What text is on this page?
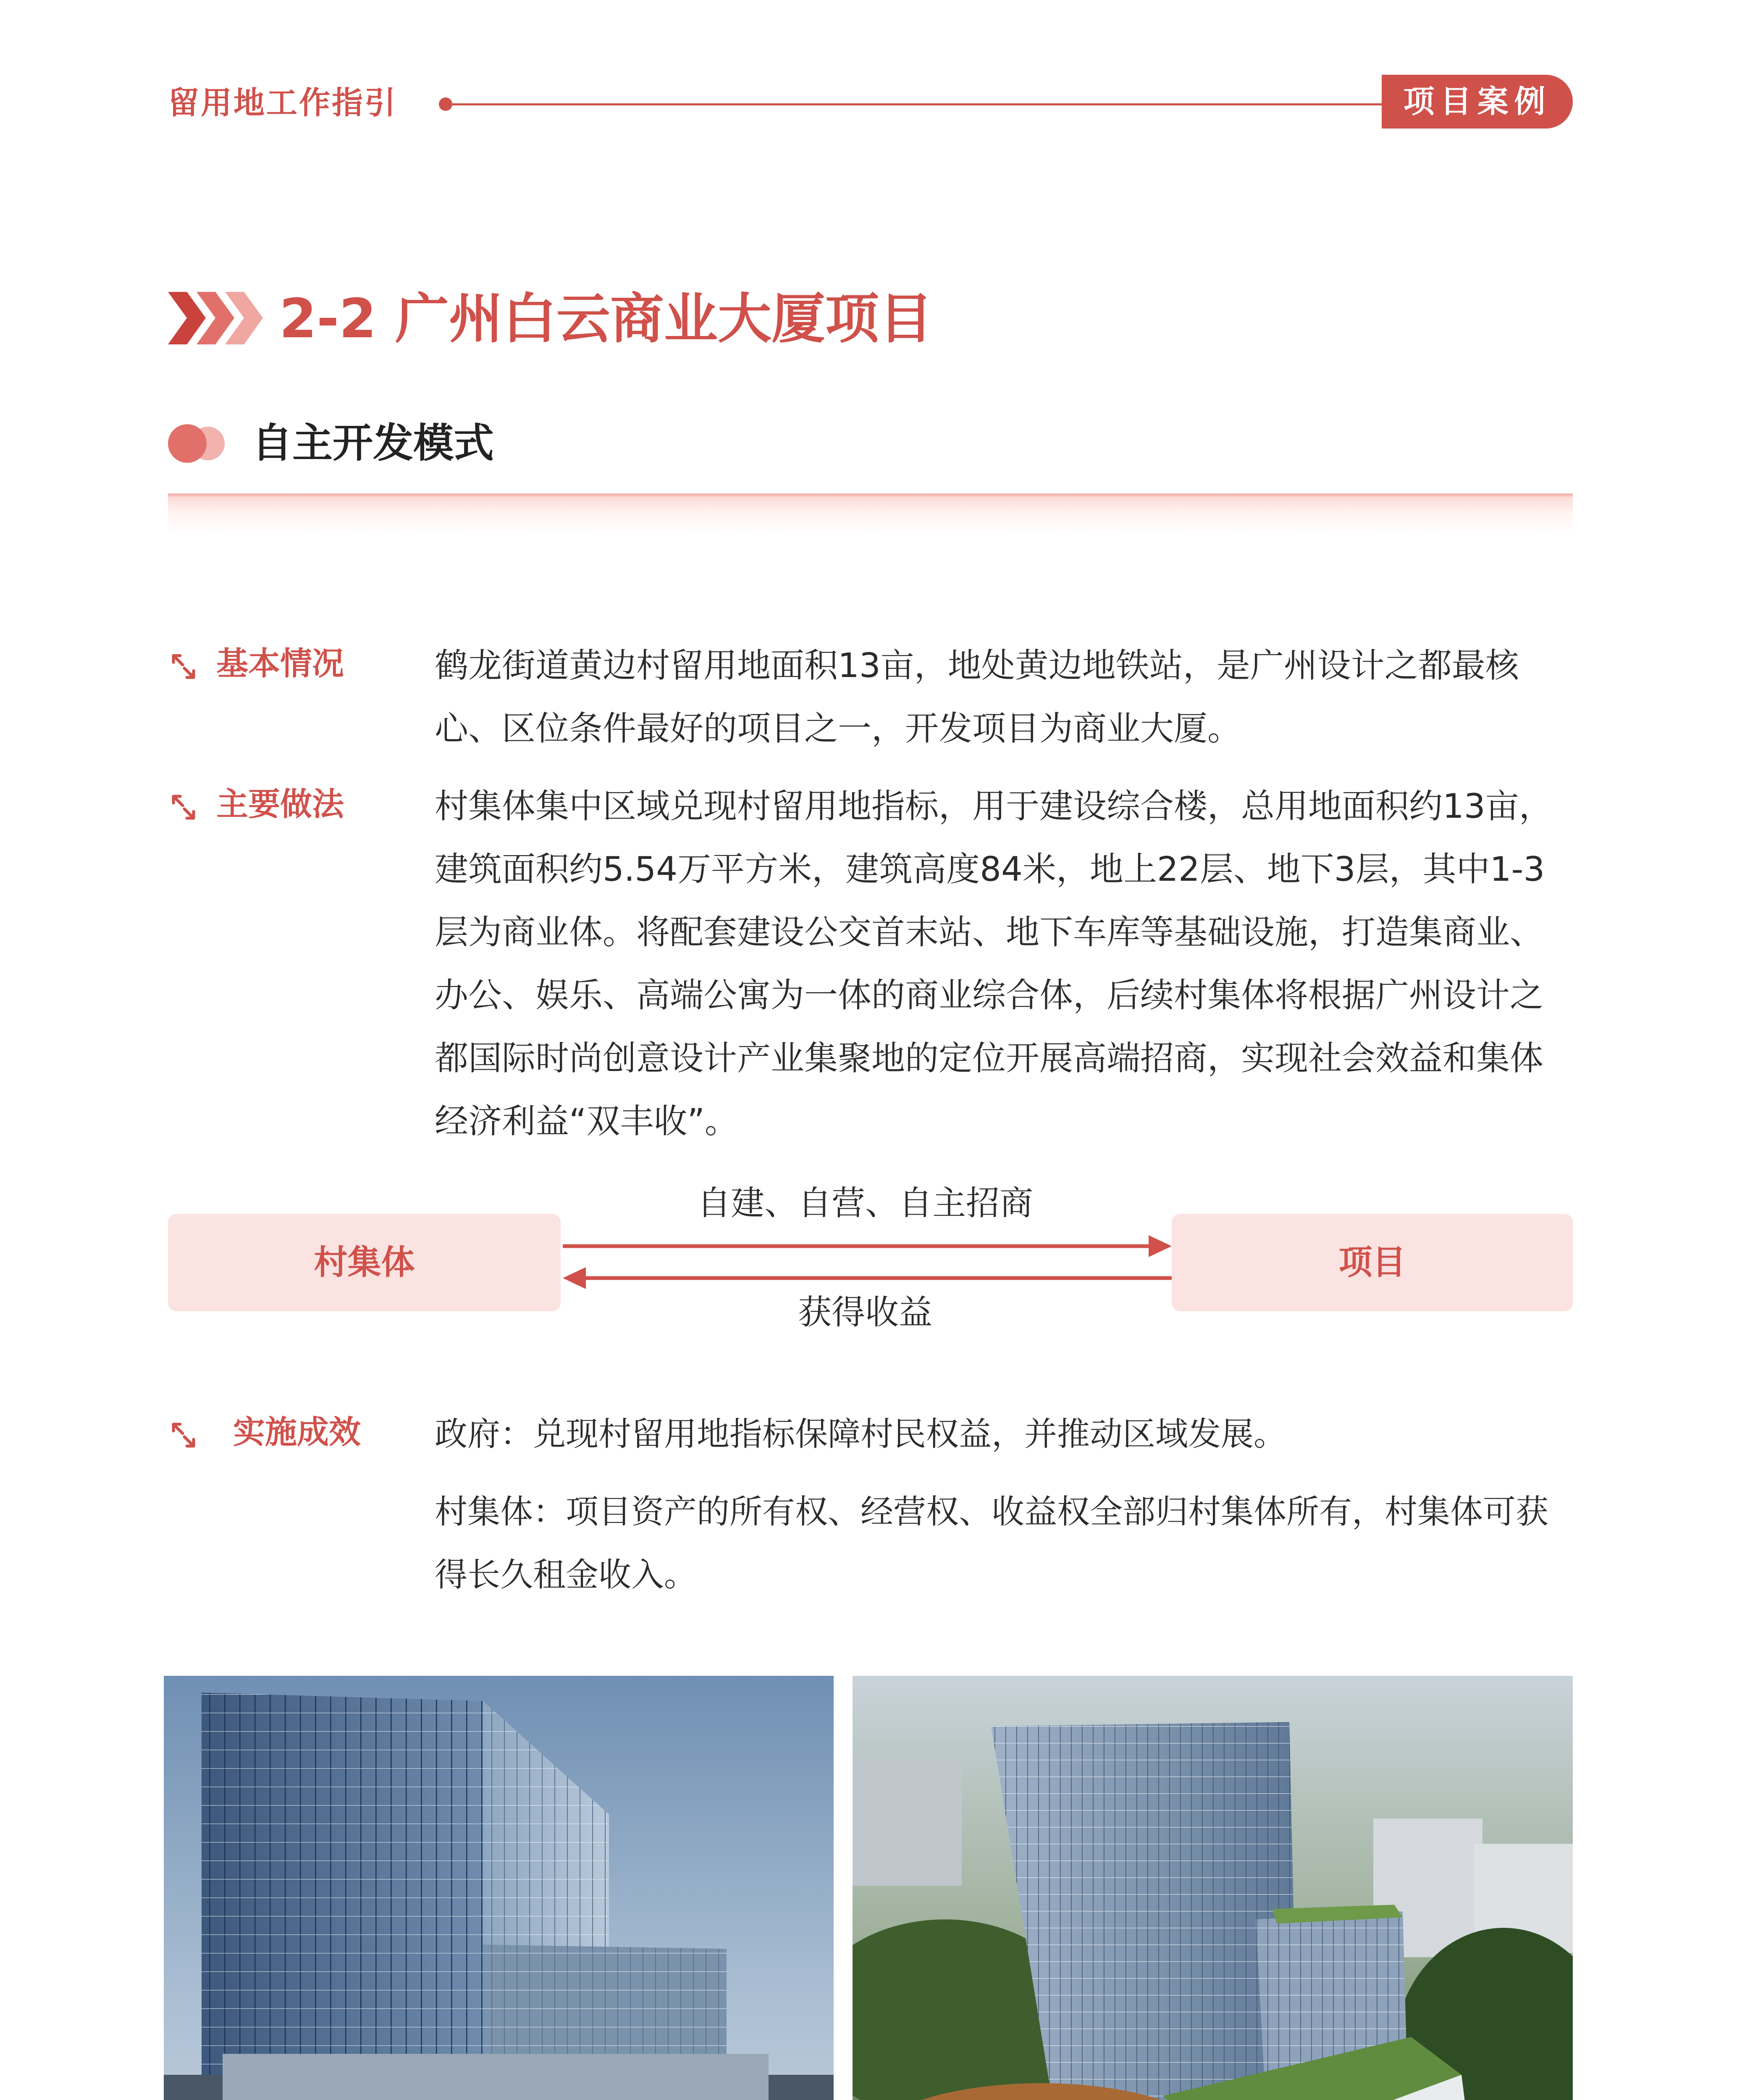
留用地工作指引	项目案例
2-2 广州白云商业大厦项目
自主开发模式
基本情况	鹤龙街道黄边村留用地面积13亩，地处黄边地铁站，是广州设计之都最核心、区位条件最好的项目之一，开发项目为商业大厦。

主要做法	村集体集中区域兑现村留用地指标，用于建设综合楼，总用地面积约13亩，建筑面积约5.54万平方米，建筑高度84米，地上22层、地下3层，其中1-3层为商业体。将配套建设公交首末站、地下车库等基础设施，打造集商业、办公、娱乐、高端公寓为一体的商业综合体，后续村集体将根据广州设计之都国际时尚创意设计产业集聚地的定位开展高端招商，实现社会效益和集体经济利益“双丰收”。

村集体	项目
自建、自营、自主招商
获得收益
实施成效 政府：兑现村留用地指标保障村民权益，并推动区域发展。
村集体：项目资产的所有权、经营权、收益权全部归村集体所有，村集体可获得长久租金收入。
